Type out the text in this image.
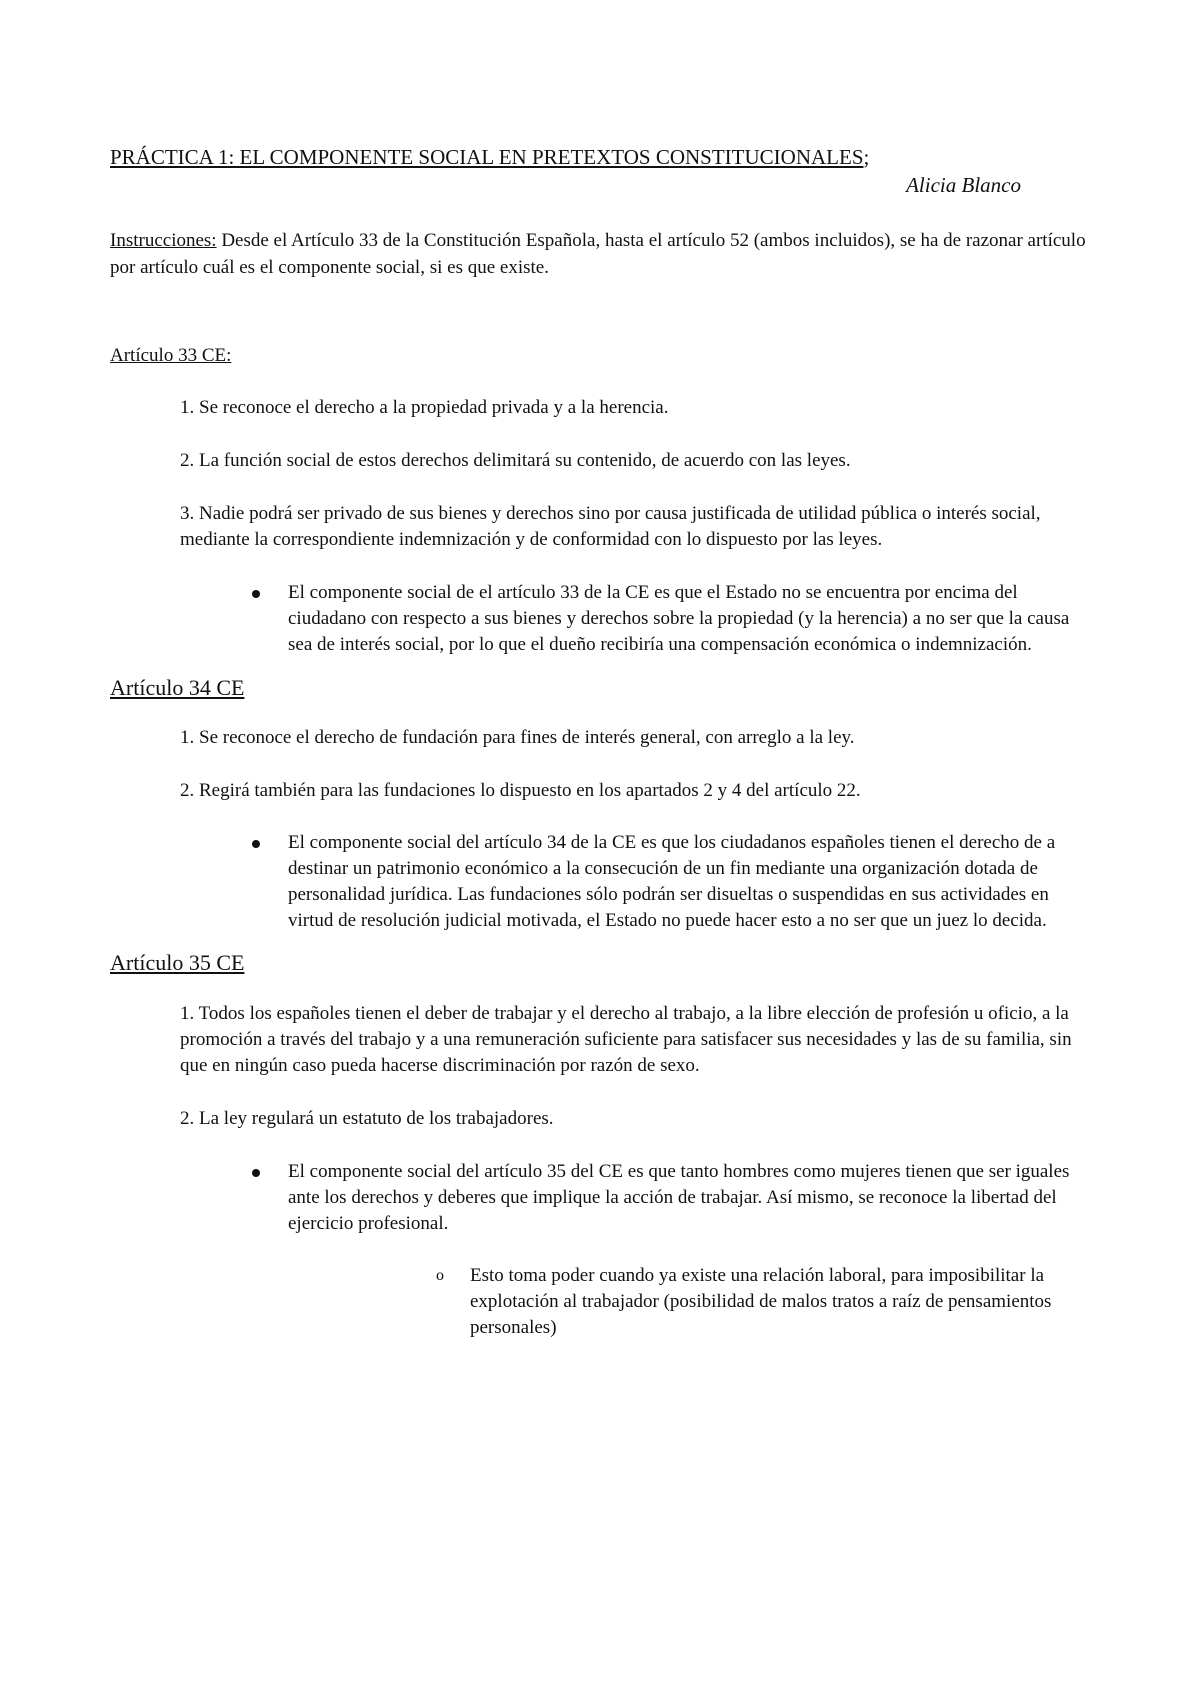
PRÁCTICA 1: EL COMPONENTE SOCIAL EN PRETEXTOS CONSTITUCIONALES;

Alicia Blanco

Instrucciones: Desde el Artículo 33 de la Constitución Española, hasta el artículo 52 (ambos incluidos), se ha de razonar artículo por artículo cuál es el componente social, si es que existe.

Artículo 33 CE:

1. Se reconoce el derecho a la propiedad privada y a la herencia.

2. La función social de estos derechos delimitará su contenido, de acuerdo con las leyes.

3. Nadie podrá ser privado de sus bienes y derechos sino por causa justificada de utilidad pública o interés social, mediante la correspondiente indemnización y de conformidad con lo dispuesto por las leyes.

El componente social de el artículo 33 de la CE es que el Estado no se encuentra por encima del ciudadano con respecto a sus bienes y derechos sobre la propiedad (y la herencia) a no ser que la causa sea de interés social, por lo que el dueño recibiría una compensación económica o indemnización.

Artículo 34 CE

1. Se reconoce el derecho de fundación para fines de interés general, con arreglo a la ley.

2. Regirá también para las fundaciones lo dispuesto en los apartados 2 y 4 del artículo 22.

El componente social del artículo 34 de la CE es que los ciudadanos españoles tienen el derecho de a destinar un patrimonio económico a la consecución de un fin mediante una organización dotada de personalidad jurídica. Las fundaciones sólo podrán ser disueltas o suspendidas en sus actividades en virtud de resolución judicial motivada, el Estado no puede hacer esto a no ser que un juez lo decida.

Artículo 35 CE

1. Todos los españoles tienen el deber de trabajar y el derecho al trabajo, a la libre elección de profesión u oficio, a la promoción a través del trabajo y a una remuneración suficiente para satisfacer sus necesidades y las de su familia, sin que en ningún caso pueda hacerse discriminación por razón de sexo.

2. La ley regulará un estatuto de los trabajadores.

El componente social del artículo 35 del CE es que tanto hombres como mujeres tienen que ser iguales ante los derechos y deberes que implique la acción de trabajar. Así mismo, se reconoce la libertad del ejercicio profesional.
o Esto toma poder cuando ya existe una relación laboral, para imposibilitar la explotación al trabajador (posibilidad de malos tratos a raíz de pensamientos personales)
